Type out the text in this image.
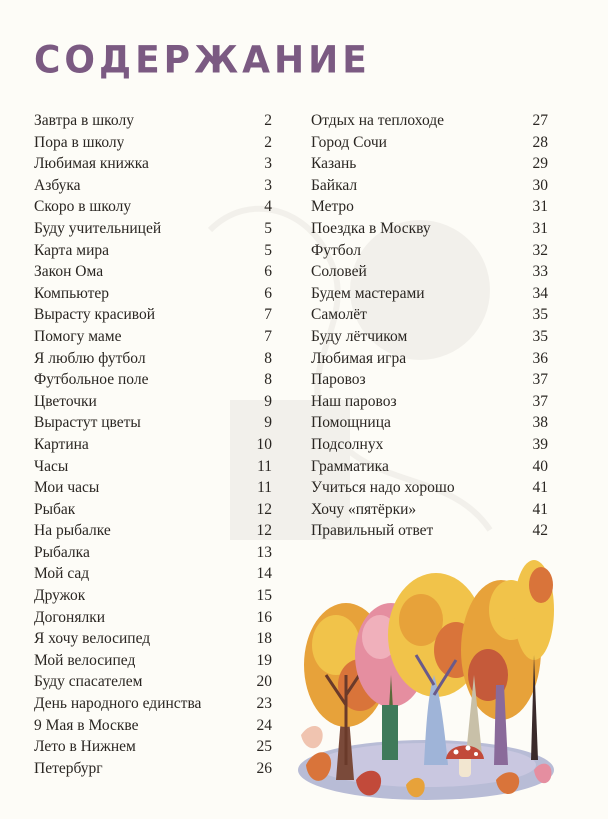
СОДЕРЖАНИЕ
Завтра в школу	2
Пора в школу	2
Любимая книжка	3
Азбука	3
Скоро в школу	4
Буду учительницей	5
Карта мира	5
Закон Ома	6
Компьютер	6
Вырасту красивой	7
Помогу маме	7
Я люблю футбол	8
Футбольное поле	8
Цветочки	9
Вырастут цветы	9
Картина	10
Часы	11
Мои часы	11
Рыбак	12
На рыбалке	12
Рыбалка	13
Мой сад	14
Дружок	15
Догонялки	16
Я хочу велосипед	18
Мой велосипед	19
Буду спасателем	20
День народного единства	23
9 Мая в Москве	24
Лето в Нижнем	25
Петербург	26
Отдых на теплоходе	27
Город Сочи	28
Казань	29
Байкал	30
Метро	31
Поездка в Москву	31
Футбол	32
Соловей	33
Будем мастерами	34
Самолёт	35
Буду лётчиком	35
Любимая игра	36
Паровоз	37
Наш паровоз	37
Помощница	38
Подсолнух	39
Грамматика	40
Учиться надо хорошо	41
Хочу «пятёрки»	41
Правильный ответ	42
